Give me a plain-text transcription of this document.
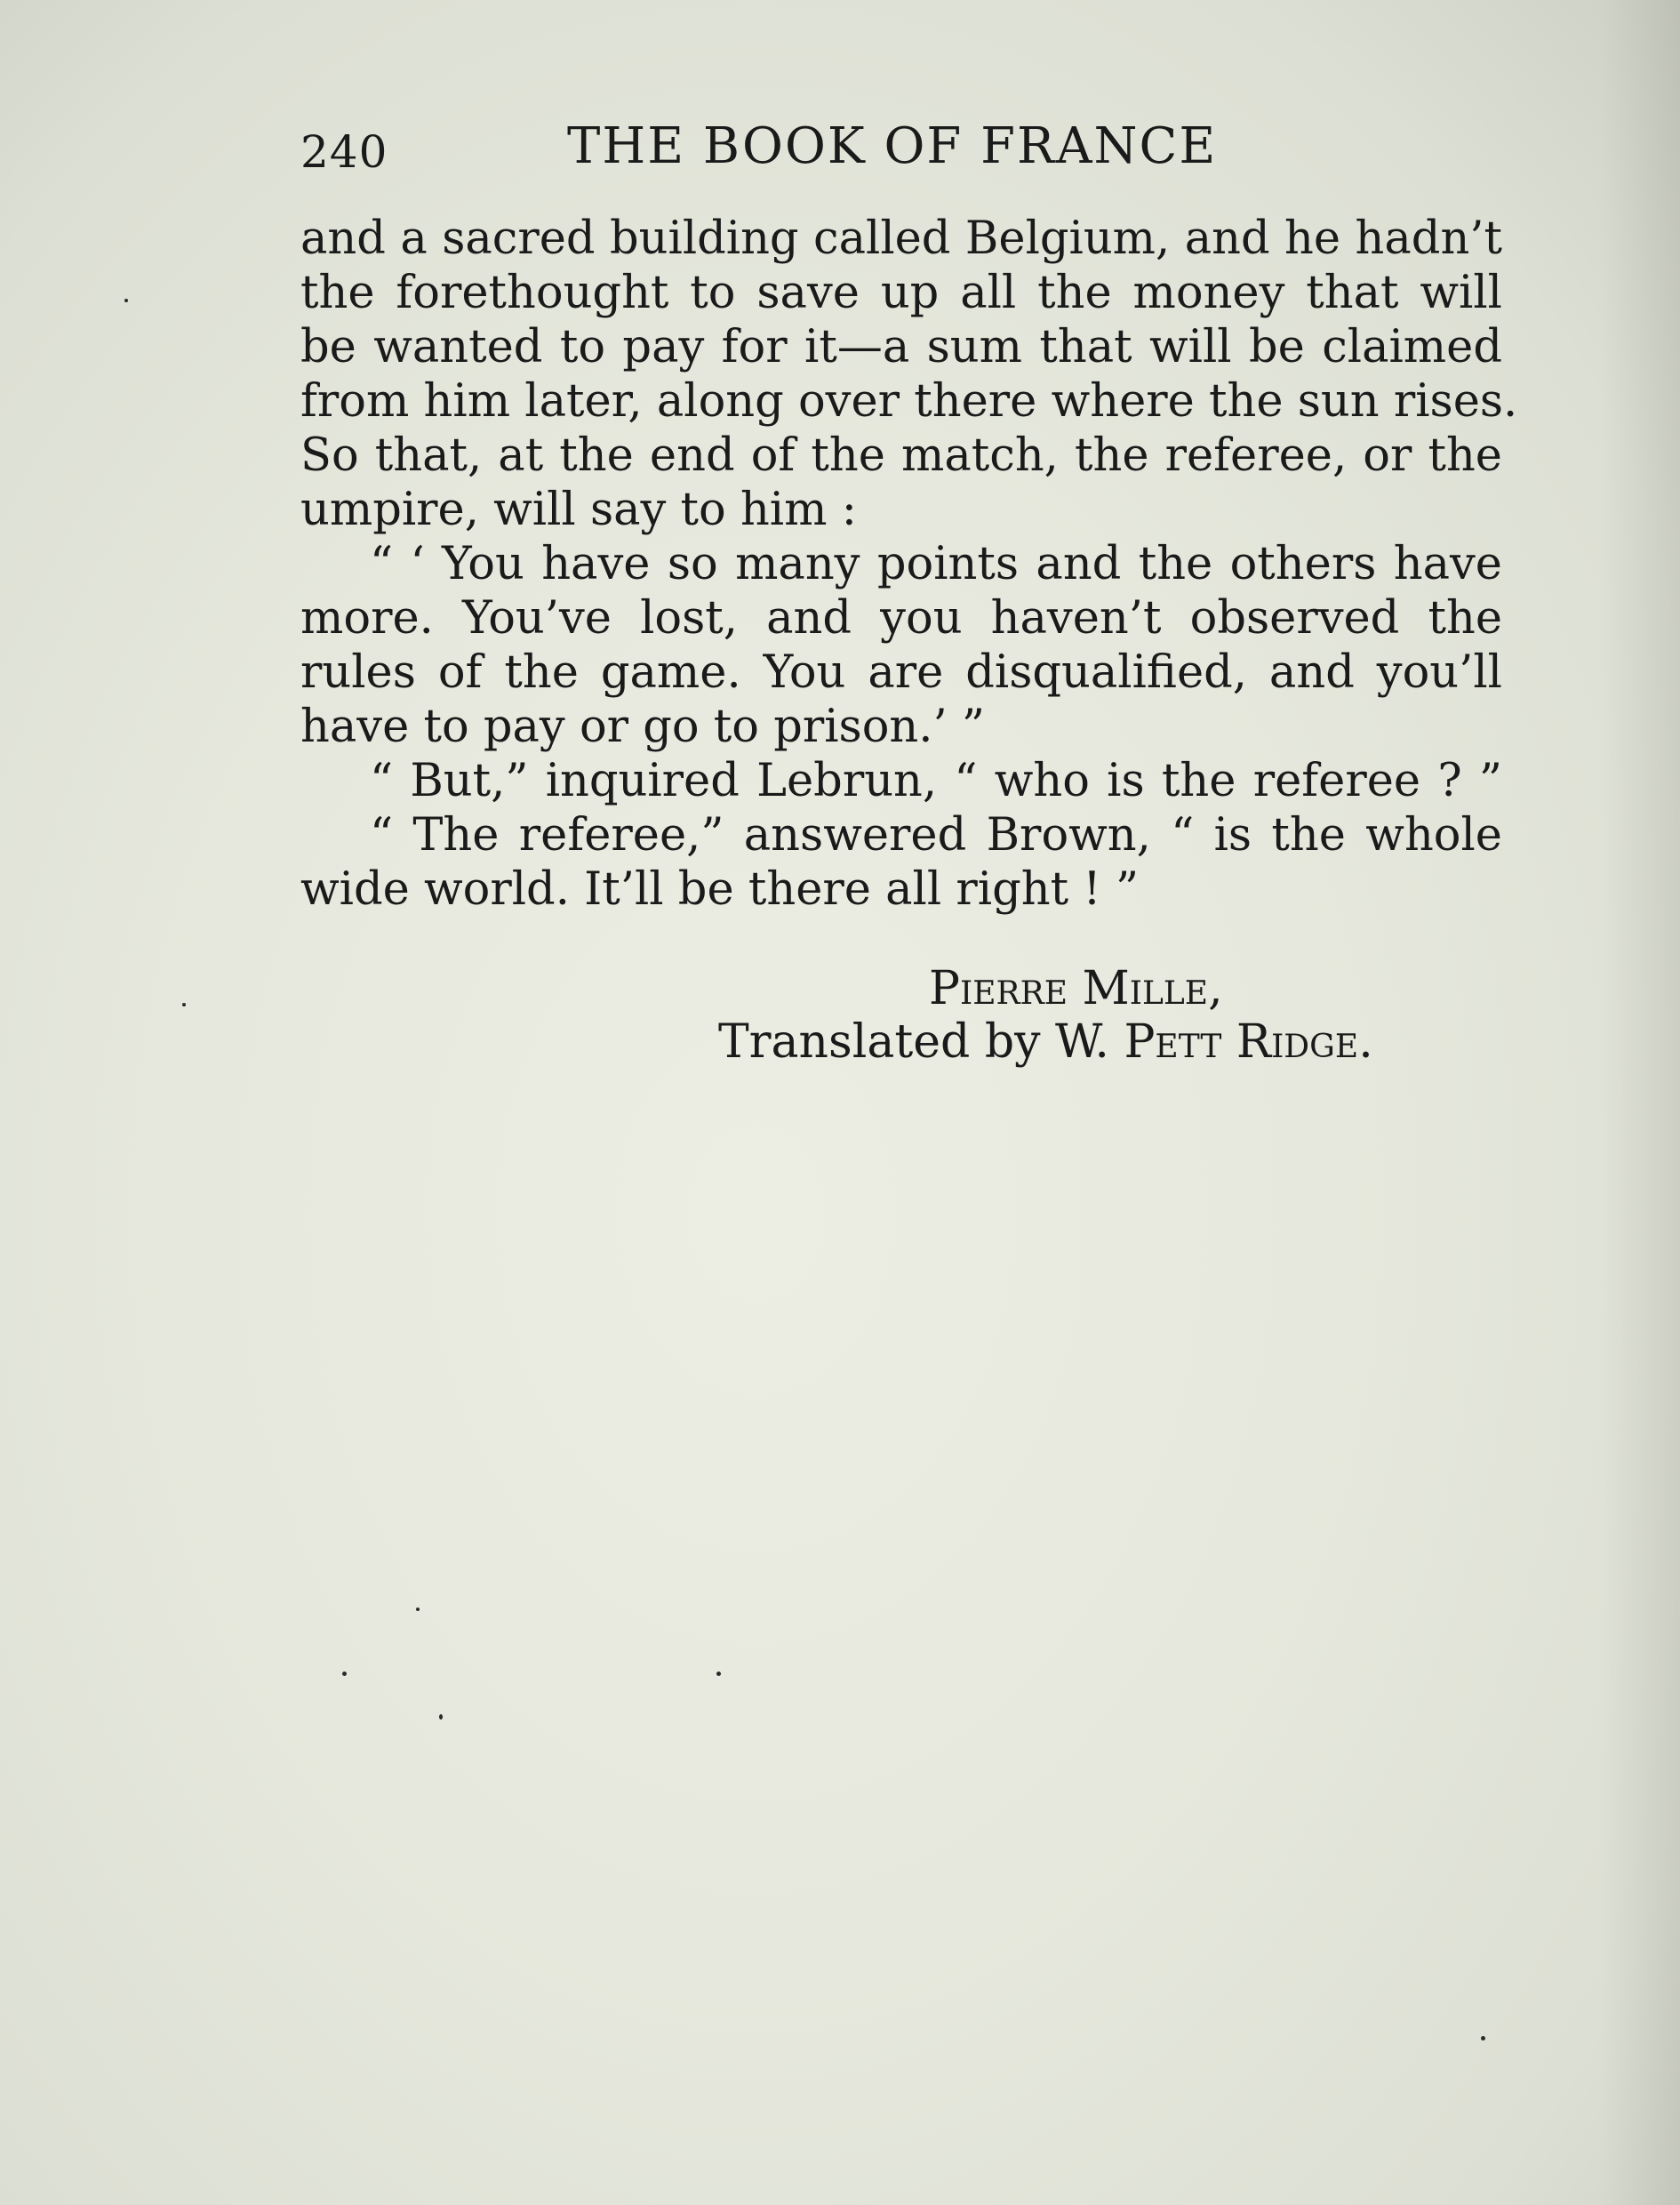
240	THE BOOK OF FRANCE
and a sacred building called Belgium, and he hadn’t
the forethought to save up all the money that will
be wanted to pay for it—a sum that will be claimed
from him later, along over there where the sun rises.
So that, at the end of the match, the referee, or the
umpire, will say to him :
“ ‘ You have so many points and the others have
more. You’ve lost, and you haven’t observed the
rules of the game. You are disqualified, and you’ll
have to pay or go to prison.’ ”
“ But,” inquired Lebrun, “ who is the referee ? ”
“ The referee,” answered Brown, “ is the whole
wide world. It’ll be there all right ! ”
Pierre Mille,
Translated by W. Pett Ridge.
